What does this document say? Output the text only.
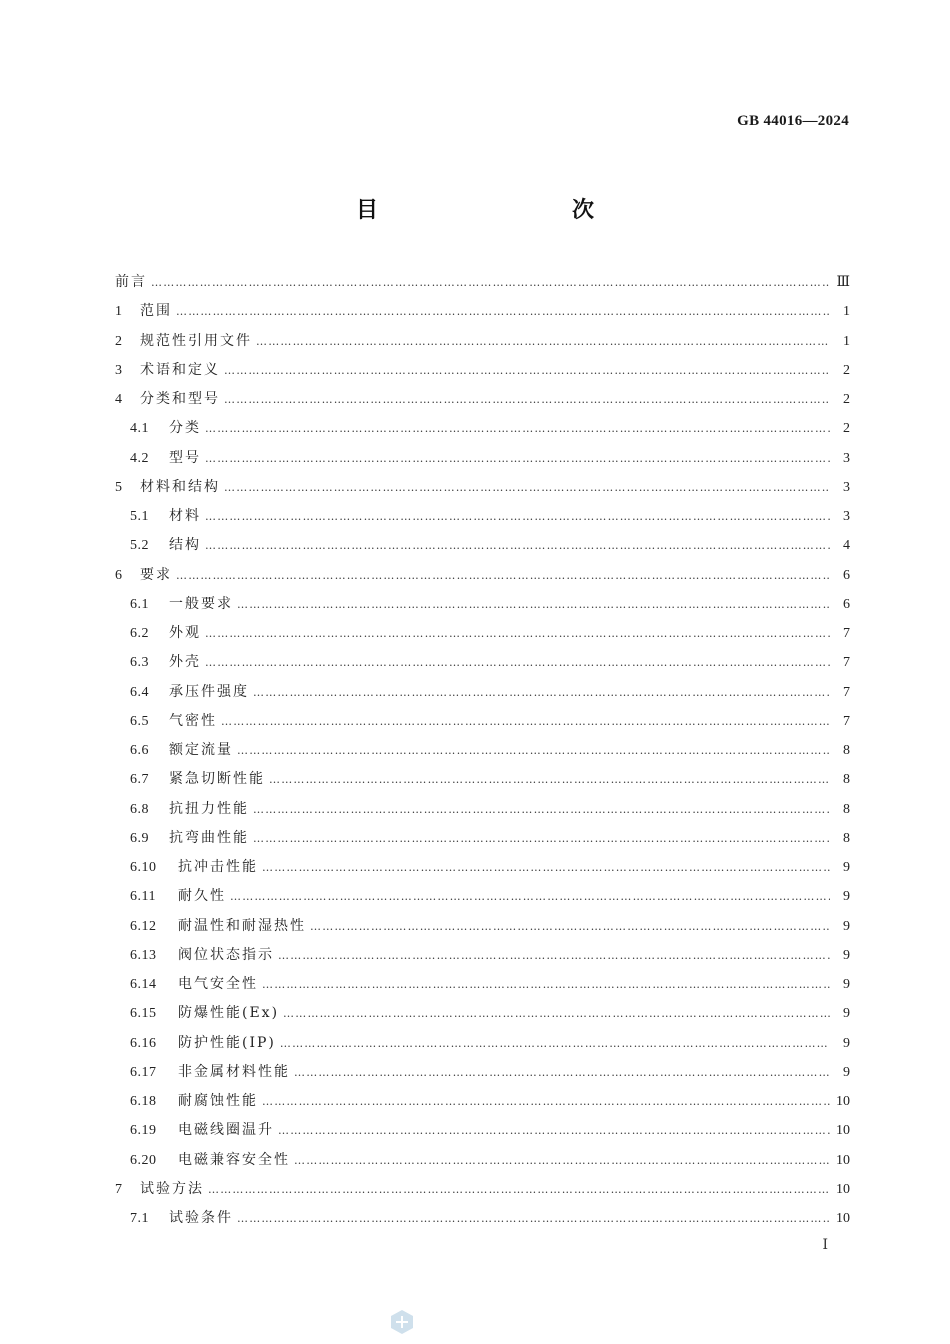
GB 44016—2024
目　　次
前言 ………………………………………………………………………………………………………………………………………………………………………………………………………………………	Ⅲ
1	范围 ………………………………………………………………………………………………………………………………………………………………………………………………………………………	1
2	规范性引用文件 ………………………………………………………………………………………………………………………………………………………………………………………………………………………	1
3	术语和定义 ………………………………………………………………………………………………………………………………………………………………………………………………………………………	2
4	分类和型号 ………………………………………………………………………………………………………………………………………………………………………………………………………………………	2
4.1	分类 ………………………………………………………………………………………………………………………………………………………………………………………………………………………	2
4.2	型号 ………………………………………………………………………………………………………………………………………………………………………………………………………………………	3
5	材料和结构 ………………………………………………………………………………………………………………………………………………………………………………………………………………………	3
5.1	材料 ………………………………………………………………………………………………………………………………………………………………………………………………………………………	3
5.2	结构 ………………………………………………………………………………………………………………………………………………………………………………………………………………………	4
6	要求 ………………………………………………………………………………………………………………………………………………………………………………………………………………………	6
6.1	一般要求 ………………………………………………………………………………………………………………………………………………………………………………………………………………………	6
6.2	外观 ………………………………………………………………………………………………………………………………………………………………………………………………………………………	7
6.3	外壳 ………………………………………………………………………………………………………………………………………………………………………………………………………………………	7
6.4	承压件强度 ………………………………………………………………………………………………………………………………………………………………………………………………………………………	7
6.5	气密性 ………………………………………………………………………………………………………………………………………………………………………………………………………………………	7
6.6	额定流量 ………………………………………………………………………………………………………………………………………………………………………………………………………………………	8
6.7	紧急切断性能 ………………………………………………………………………………………………………………………………………………………………………………………………………………………	8
6.8	抗扭力性能 ………………………………………………………………………………………………………………………………………………………………………………………………………………………	8
6.9	抗弯曲性能 ………………………………………………………………………………………………………………………………………………………………………………………………………………………	8
6.10	抗冲击性能 ………………………………………………………………………………………………………………………………………………………………………………………………………………………	9
6.11	耐久性 ………………………………………………………………………………………………………………………………………………………………………………………………………………………	9
6.12	耐温性和耐湿热性 ………………………………………………………………………………………………………………………………………………………………………………………………………………………	9
6.13	阀位状态指示 ………………………………………………………………………………………………………………………………………………………………………………………………………………………	9
6.14	电气安全性 ………………………………………………………………………………………………………………………………………………………………………………………………………………………	9
6.15	防爆性能(Ex) ………………………………………………………………………………………………………………………………………………………………………………………………………………………	9
6.16	防护性能(IP) ………………………………………………………………………………………………………………………………………………………………………………………………………………………	9
6.17	非金属材料性能 ………………………………………………………………………………………………………………………………………………………………………………………………………………………	9
6.18	耐腐蚀性能 ………………………………………………………………………………………………………………………………………………………………………………………………………………………	10
6.19	电磁线圈温升 ………………………………………………………………………………………………………………………………………………………………………………………………………………………	10
6.20	电磁兼容安全性 ………………………………………………………………………………………………………………………………………………………………………………………………………………………	10
7	试验方法 ………………………………………………………………………………………………………………………………………………………………………………………………………………………	10
7.1	试验条件 ………………………………………………………………………………………………………………………………………………………………………………………………………………………	10
Ⅰ
